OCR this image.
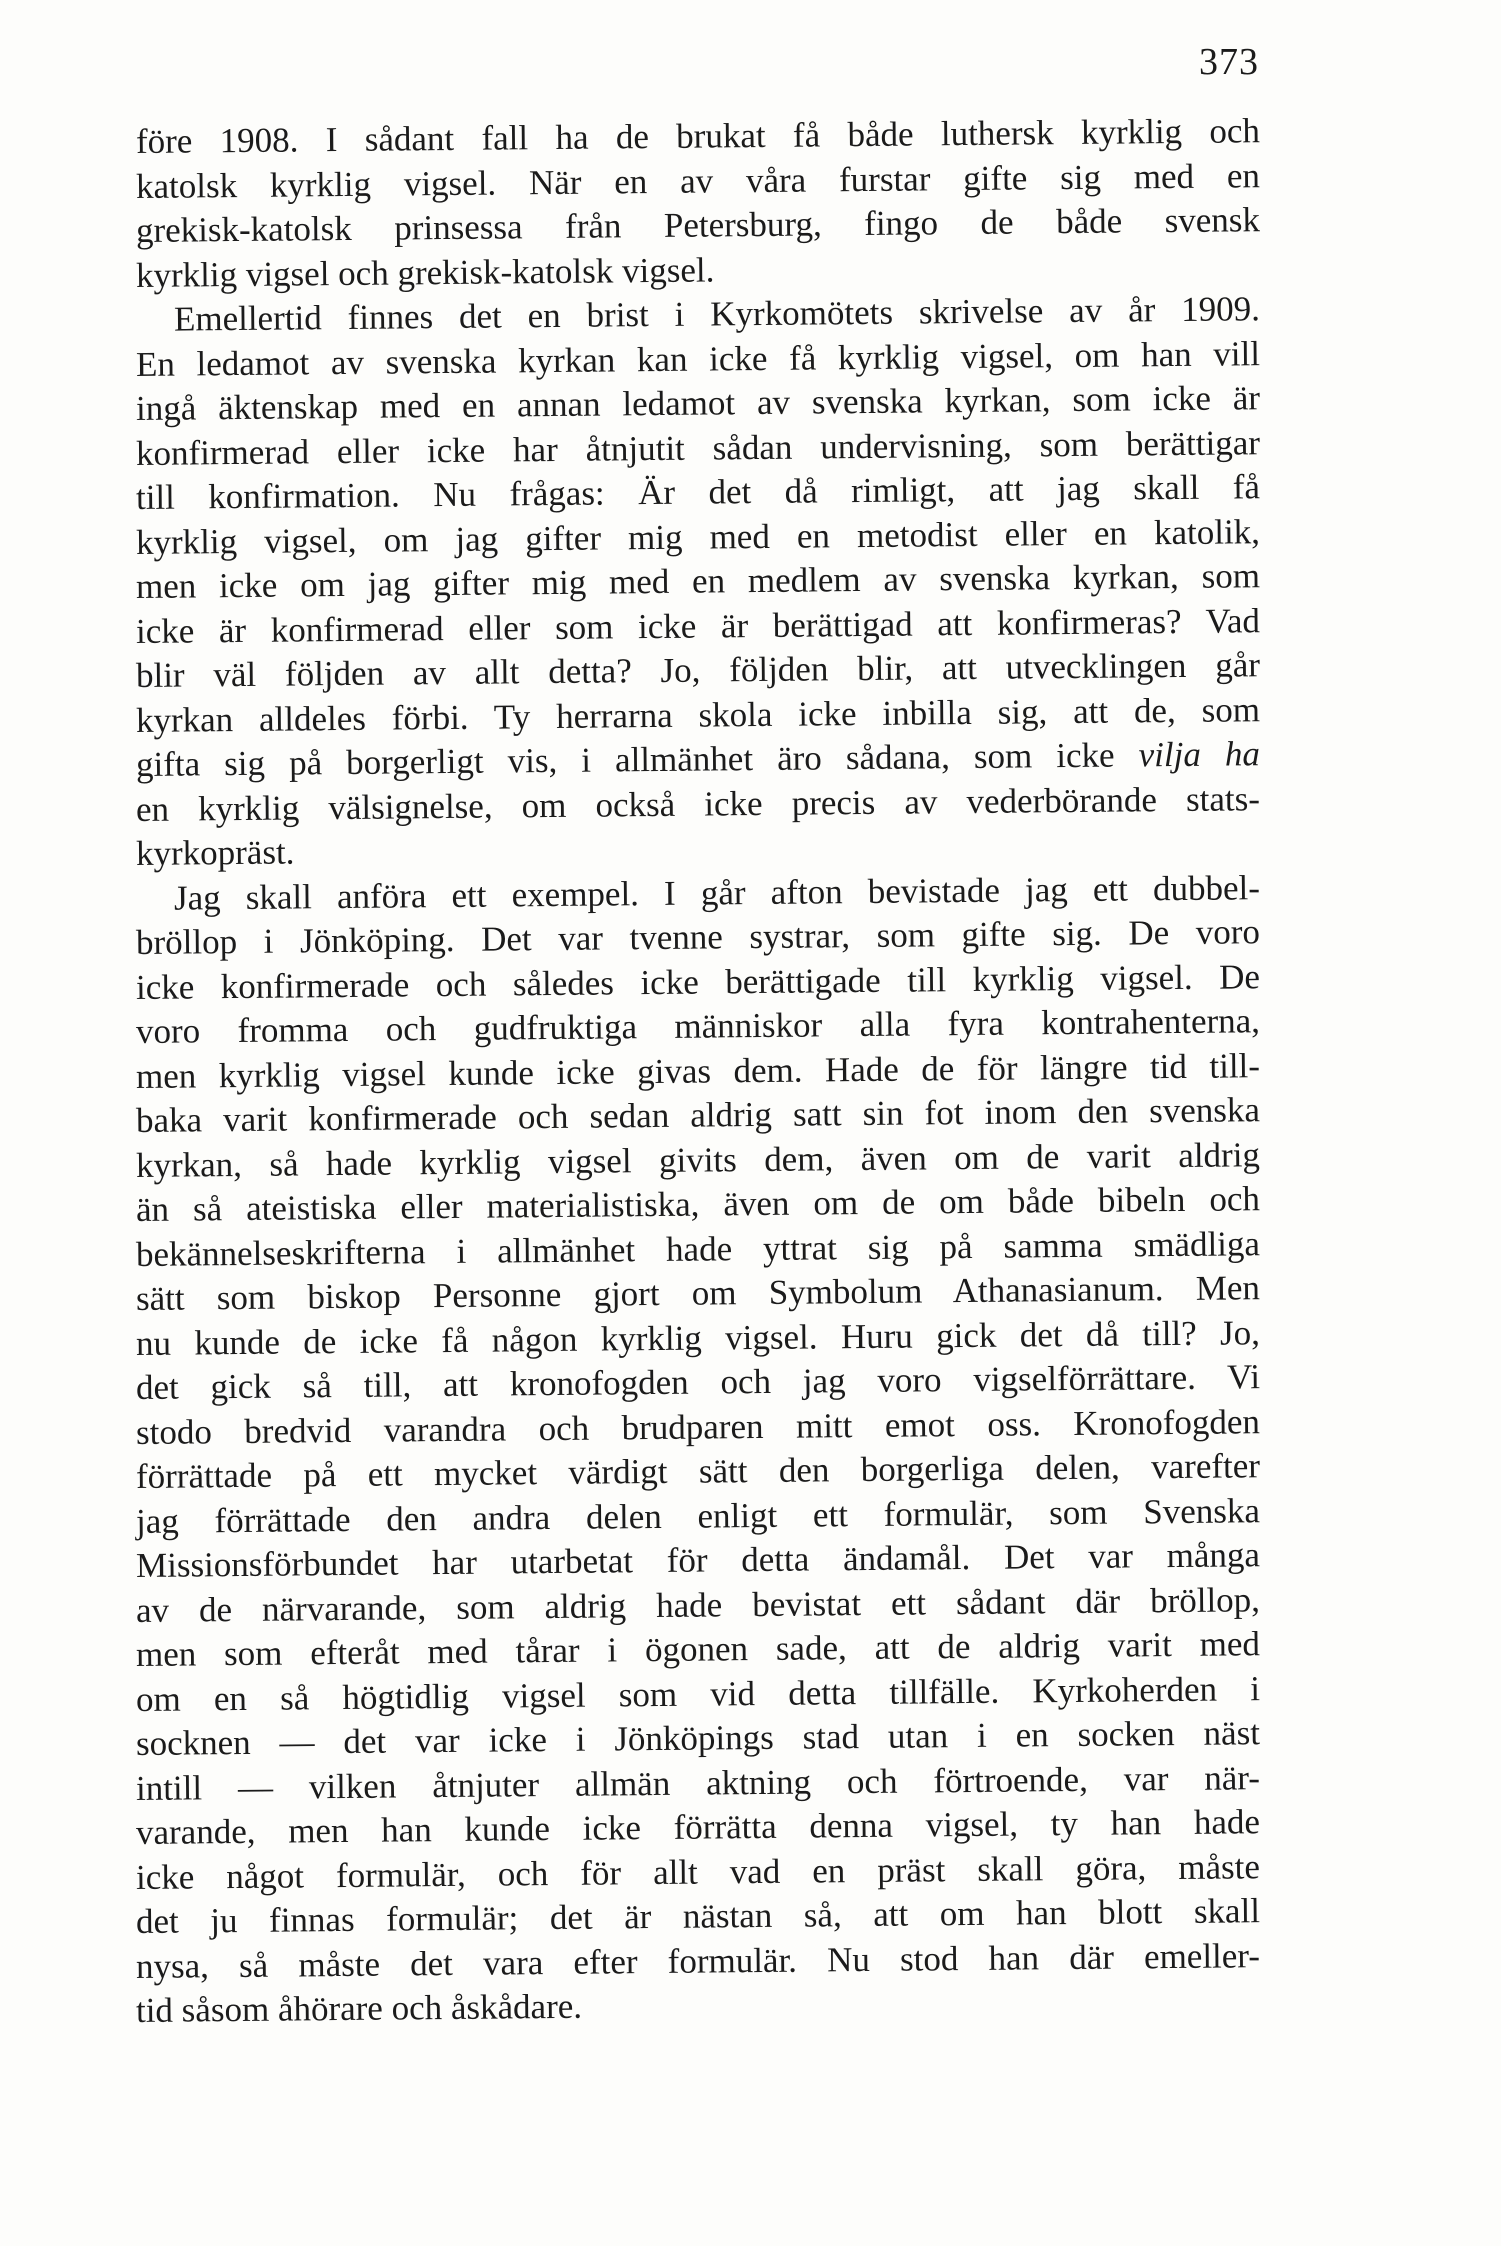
373
före 1908. I sådant fall ha de brukat få både luthersk kyrklig och
katolsk kyrklig vigsel. När en av våra furstar gifte sig med en
grekisk-katolsk prinsessa från Petersburg, fingo de både svensk
kyrklig vigsel och grekisk-katolsk vigsel.
Emellertid finnes det en brist i Kyrkomötets skrivelse av år 1909.
En ledamot av svenska kyrkan kan icke få kyrklig vigsel, om han vill
ingå äktenskap med en annan ledamot av svenska kyrkan, som icke är
konfirmerad eller icke har åtnjutit sådan undervisning, som berättigar
till konfirmation. Nu frågas: Är det då rimligt, att jag skall få
kyrklig vigsel, om jag gifter mig med en metodist eller en katolik,
men icke om jag gifter mig med en medlem av svenska kyrkan, som
icke är konfirmerad eller som icke är berättigad att konfirmeras? Vad
blir väl följden av allt detta? Jo, följden blir, att utvecklingen går
kyrkan alldeles förbi. Ty herrarna skola icke inbilla sig, att de, som
gifta sig på borgerligt vis, i allmänhet äro sådana, som icke vilja ha
en kyrklig välsignelse, om också icke precis av vederbörande stats-
kyrkopräst.
Jag skall anföra ett exempel. I går afton bevistade jag ett dubbel-
bröllop i Jönköping. Det var tvenne systrar, som gifte sig. De voro
icke konfirmerade och således icke berättigade till kyrklig vigsel. De
voro fromma och gudfruktiga människor alla fyra kontrahenterna,
men kyrklig vigsel kunde icke givas dem. Hade de för längre tid till-
baka varit konfirmerade och sedan aldrig satt sin fot inom den svenska
kyrkan, så hade kyrklig vigsel givits dem, även om de varit aldrig
än så ateistiska eller materialistiska, även om de om både bibeln och
bekännelseskrifterna i allmänhet hade yttrat sig på samma smädliga
sätt som biskop Personne gjort om Symbolum Athanasianum. Men
nu kunde de icke få någon kyrklig vigsel. Huru gick det då till? Jo,
det gick så till, att kronofogden och jag voro vigselförrättare. Vi
stodo bredvid varandra och brudparen mitt emot oss. Kronofogden
förrättade på ett mycket värdigt sätt den borgerliga delen, varefter
jag förrättade den andra delen enligt ett formulär, som Svenska
Missionsförbundet har utarbetat för detta ändamål. Det var många
av de närvarande, som aldrig hade bevistat ett sådant där bröllop,
men som efteråt med tårar i ögonen sade, att de aldrig varit med
om en så högtidlig vigsel som vid detta tillfälle. Kyrkoherden i
socknen — det var icke i Jönköpings stad utan i en socken näst
intill — vilken åtnjuter allmän aktning och förtroende, var när-
varande, men han kunde icke förrätta denna vigsel, ty han hade
icke något formulär, och för allt vad en präst skall göra, måste
det ju finnas formulär; det är nästan så, att om han blott skall
nysa, så måste det vara efter formulär. Nu stod han där emeller-
tid såsom åhörare och åskådare.
